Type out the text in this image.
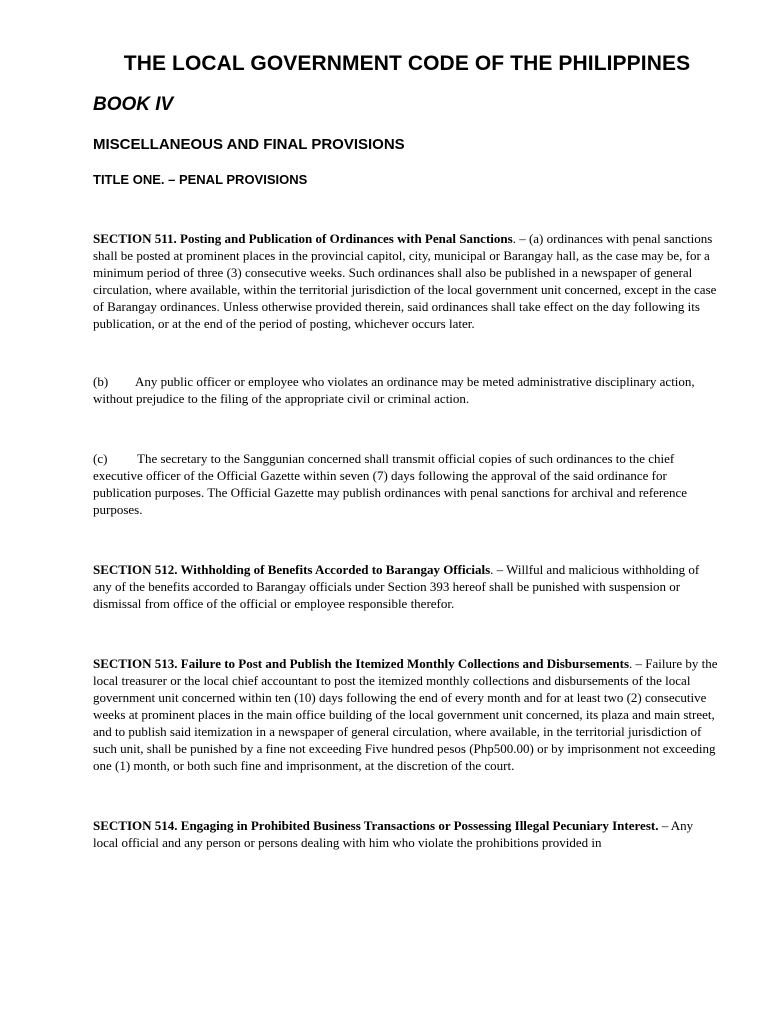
THE LOCAL GOVERNMENT CODE OF THE PHILIPPINES
BOOK IV
MISCELLANEOUS AND FINAL PROVISIONS
TITLE ONE. – PENAL PROVISIONS

SECTION 511. Posting and Publication of Ordinances with Penal Sanctions. – (a) ordinances with penal sanctions shall be posted at prominent places in the provincial capitol, city, municipal or Barangay hall, as the case may be, for a minimum period of three (3) consecutive weeks. Such ordinances shall also be published in a newspaper of general circulation, where available, within the territorial jurisdiction of the local government unit concerned, except in the case of Barangay ordinances. Unless otherwise provided therein, said ordinances shall take effect on the day following its publication, or at the end of the period of posting, whichever occurs later.

(b) Any public officer or employee who violates an ordinance may be meted administrative disciplinary action, without prejudice to the filing of the appropriate civil or criminal action.

(c) The secretary to the Sanggunian concerned shall transmit official copies of such ordinances to the chief executive officer of the Official Gazette within seven (7) days following the approval of the said ordinance for publication purposes. The Official Gazette may publish ordinances with penal sanctions for archival and reference purposes.

SECTION 512. Withholding of Benefits Accorded to Barangay Officials. – Willful and malicious withholding of any of the benefits accorded to Barangay officials under Section 393 hereof shall be punished with suspension or dismissal from office of the official or employee responsible therefor.

SECTION 513. Failure to Post and Publish the Itemized Monthly Collections and Disbursements. – Failure by the local treasurer or the local chief accountant to post the itemized monthly collections and disbursements of the local government unit concerned within ten (10) days following the end of every month and for at least two (2) consecutive weeks at prominent places in the main office building of the local government unit concerned, its plaza and main street, and to publish said itemization in a newspaper of general circulation, where available, in the territorial jurisdiction of such unit, shall be punished by a fine not exceeding Five hundred pesos (Php500.00) or by imprisonment not exceeding one (1) month, or both such fine and imprisonment, at the discretion of the court.

SECTION 514. Engaging in Prohibited Business Transactions or Possessing Illegal Pecuniary Interest. – Any local official and any person or persons dealing with him who violate the prohibitions provided in
